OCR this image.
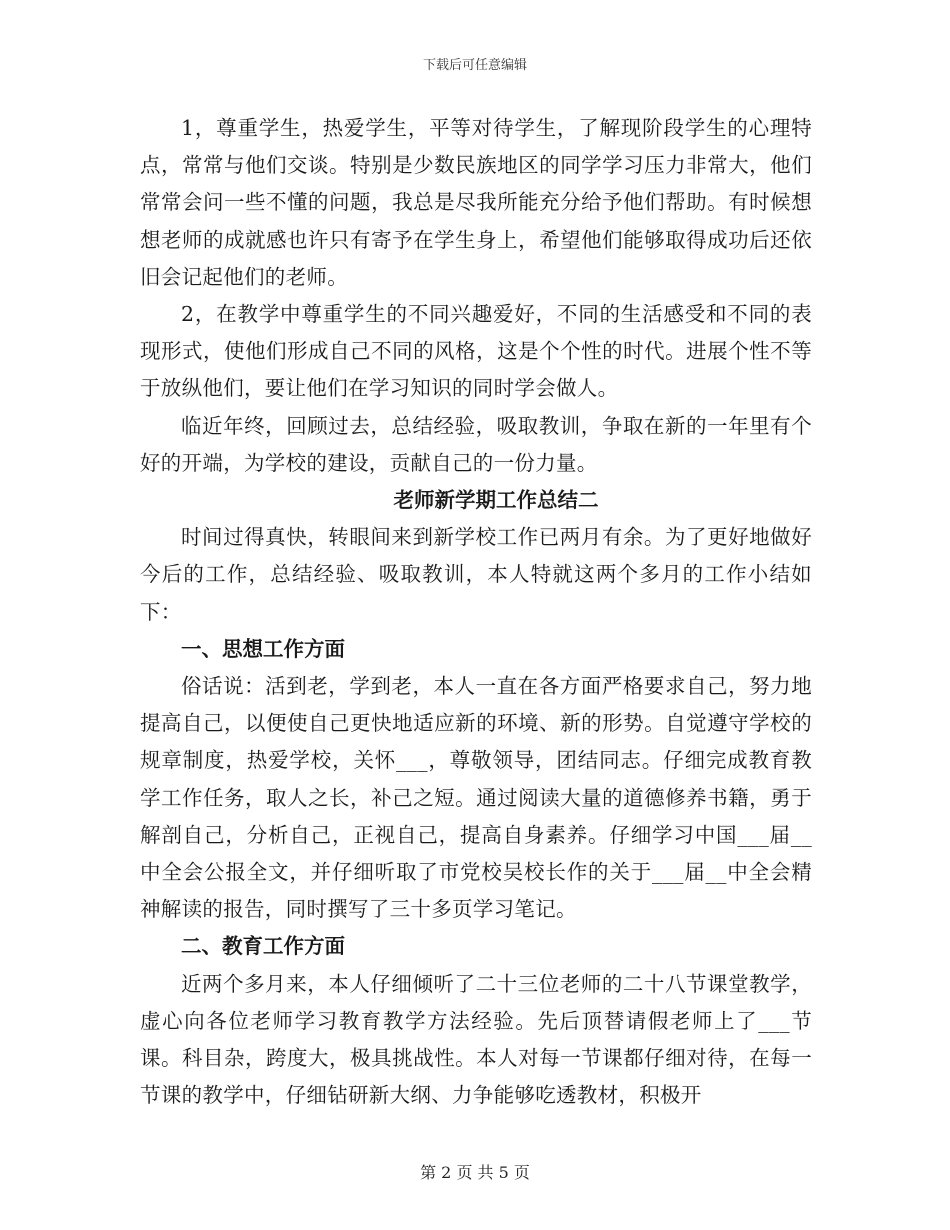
下载后可任意编辑

1，尊重学生，热爱学生，平等对待学生，了解现阶段学生的心理特点，常常与他们交谈。特别是少数民族地区的同学学习压力非常大，他们常常会问一些不懂的问题，我总是尽我所能充分给予他们帮助。有时候想想老师的成就感也许只有寄予在学生身上，希望他们能够取得成功后还依旧会记起他们的老师。

2，在教学中尊重学生的不同兴趣爱好，不同的生活感受和不同的表现形式，使他们形成自己不同的风格，这是个个性的时代。进展个性不等于放纵他们，要让他们在学习知识的同时学会做人。

临近年终，回顾过去，总结经验，吸取教训，争取在新的一年里有个好的开端，为学校的建设，贡献自己的一份力量。

老师新学期工作总结二

时间过得真快，转眼间来到新学校工作已两月有余。为了更好地做好今后的工作，总结经验、吸取教训，本人特就这两个多月的工作小结如下：

一、思想工作方面

俗话说：活到老，学到老，本人一直在各方面严格要求自己，努力地提高自己，以便使自己更快地适应新的环境、新的形势。自觉遵守学校的规章制度，热爱学校，关怀___，尊敬领导，团结同志。仔细完成教育教学工作任务，取人之长，补己之短。通过阅读大量的道德修养书籍，勇于解剖自己，分析自己，正视自己，提高自身素养。仔细学习中国___届__中全会公报全文，并仔细听取了市党校吴校长作的关于___届__中全会精神解读的报告，同时撰写了三十多页学习笔记。

二、教育工作方面

近两个多月来，本人仔细倾听了二十三位老师的二十八节课堂教学，虚心向各位老师学习教育教学方法经验。先后顶替请假老师上了___节课。科目杂，跨度大，极具挑战性。本人对每一节课都仔细对待，在每一节课的教学中，仔细钻研新大纲、力争能够吃透教材，积极开

第 2 页 共 5 页
